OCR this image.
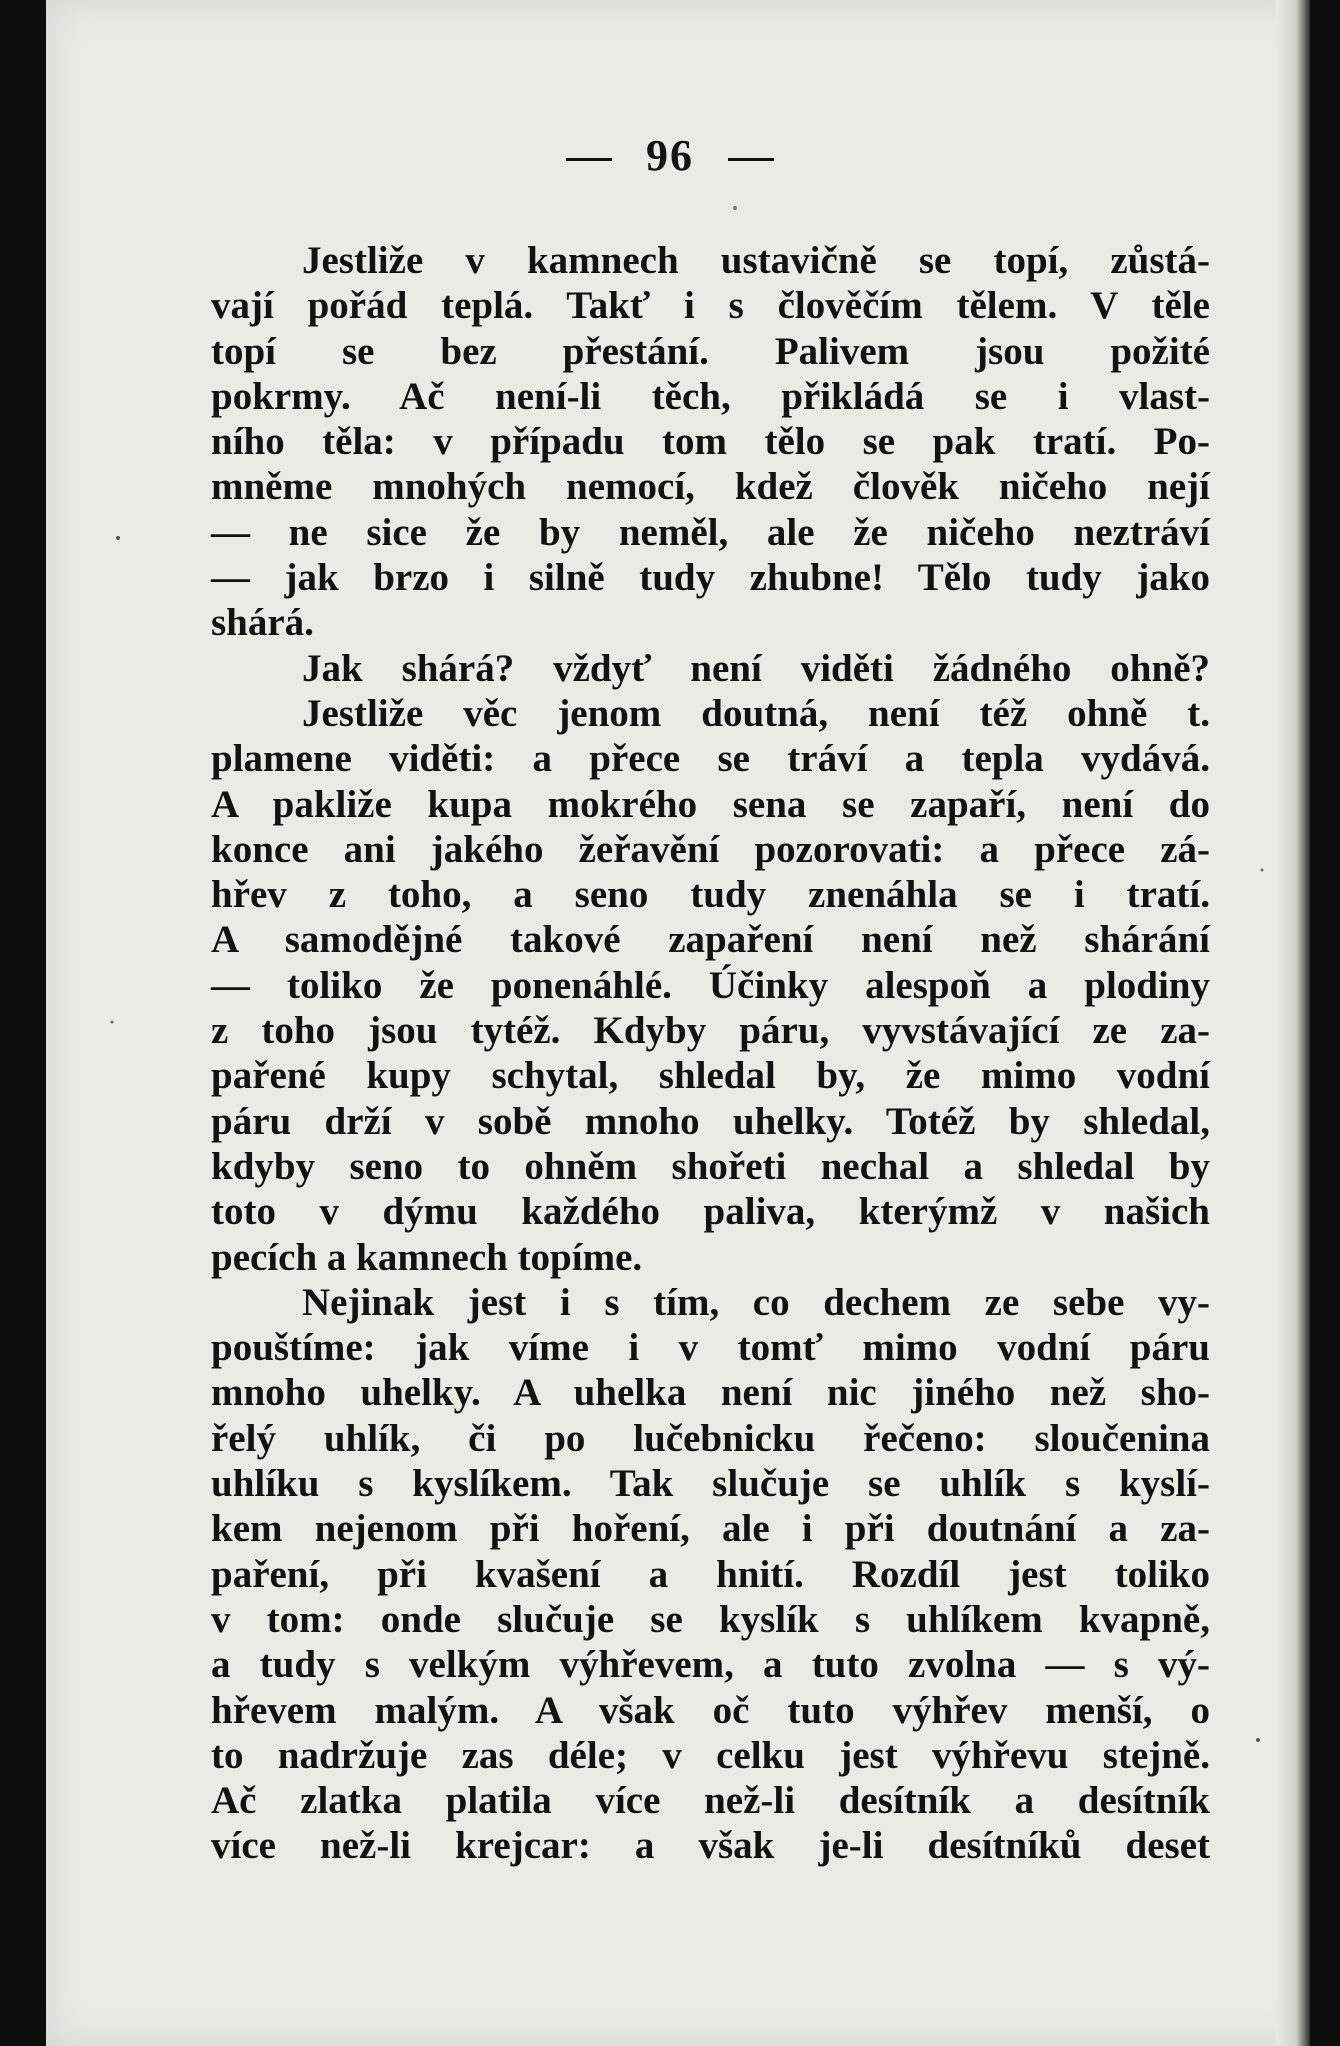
96
Jestliže v kamnech ustavičně se topí, zůstá-
vají pořád teplá. Takť i s člověčím tělem. V těle
topí se bez přestání. Palivem jsou požité
pokrmy. Ač není-li těch, přikládá se i vlast-
ního těla: v případu tom tělo se pak tratí. Po-
mněme mnohých nemocí, kdež člověk ničeho nejí
— ne sice že by neměl, ale že ničeho neztráví
— jak brzo i silně tudy zhubne! Tělo tudy jako
shárá.
Jak shárá? vždyť není viděti žádného ohně?
Jestliže věc jenom doutná, není též ohně t.
plamene viděti: a přece se tráví a tepla vydává.
A pakliže kupa mokrého sena se zapaří, není do
konce ani jakého žeřavění pozorovati: a přece zá-
hřev z toho, a seno tudy znenáhla se i tratí.
A samodějné takové zapaření není než shárání
— toliko že ponenáhlé. Účinky alespoň a plodiny
z toho jsou tytéž. Kdyby páru, vyvstávající ze za-
pařené kupy schytal, shledal by, že mimo vodní
páru drží v sobě mnoho uhelky. Totéž by shledal,
kdyby seno to ohněm shořeti nechal a shledal by
toto v dýmu každého paliva, kterýmž v našich
pecích a kamnech topíme.
Nejinak jest i s tím, co dechem ze sebe vy-
pouštíme: jak víme i v tomť mimo vodní páru
mnoho uhelky. A uhelka není nic jiného než sho-
řelý uhlík, či po lučebnicku řečeno: sloučenina
uhlíku s kyslíkem. Tak slučuje se uhlík s kyslí-
kem nejenom při hoření, ale i při doutnání a za-
paření, při kvašení a hnití. Rozdíl jest toliko
v tom: onde slučuje se kyslík s uhlíkem kvapně,
a tudy s velkým výhřevem, a tuto zvolna — s vý-
hřevem malým. A však oč tuto výhřev menší, o
to nadržuje zas déle; v celku jest výhřevu stejně.
Ač zlatka platila více než-li desítník a desítník
více než-li krejcar: a však je-li desítníků deset
